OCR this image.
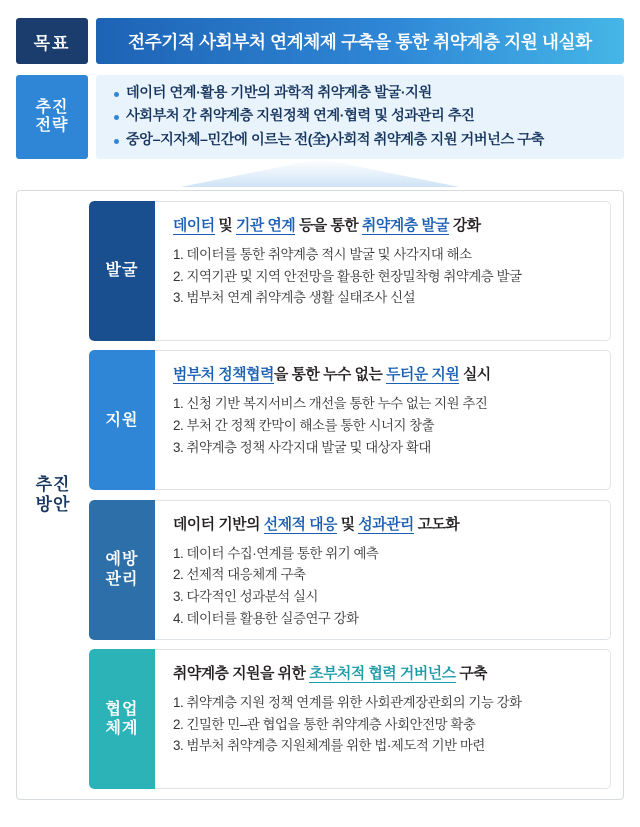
목표	전주기적 사회부처 연계체제 구축을 통한 취약계층 지원 내실화
추진
전략
데이터 연계·활용 기반의 과학적 취약계층 발굴·지원
사회부처 간 취약계층 지원정책 연계·협력 및 성과관리 추진
중앙–지자체–민간에 이르는 전(全)사회적 취약계층 지원 거버넌스 구축
추진
방안
발굴
데이터 및 기관 연계 등을 통한 취약계층 발굴 강화
1. 데이터를 통한 취약계층 적시 발굴 및 사각지대 해소
2. 지역기관 및 지역 안전망을 활용한 현장밀착형 취약계층 발굴
3. 범부처 연계 취약계층 생활 실태조사 신설
지원
범부처 정책협력을 통한 누수 없는 두터운 지원 실시
1. 신청 기반 복지서비스 개선을 통한 누수 없는 지원 추진
2. 부처 간 정책 칸막이 해소를 통한 시너지 창출
3. 취약계층 정책 사각지대 발굴 및 대상자 확대
예방
관리
데이터 기반의 선제적 대응 및 성과관리 고도화
1. 데이터 수집·연계를 통한 위기 예측
2. 선제적 대응체계 구축
3. 다각적인 성과분석 실시
4. 데이터를 활용한 실증연구 강화
협업
체계
취약계층 지원을 위한 초부처적 협력 거버넌스 구축
1. 취약계층 지원 정책 연계를 위한 사회관계장관회의 기능 강화
2. 긴밀한 민–관 협업을 통한 취약계층 사회안전망 확충
3. 범부처 취약계층 지원체계를 위한 법·제도적 기반 마련
